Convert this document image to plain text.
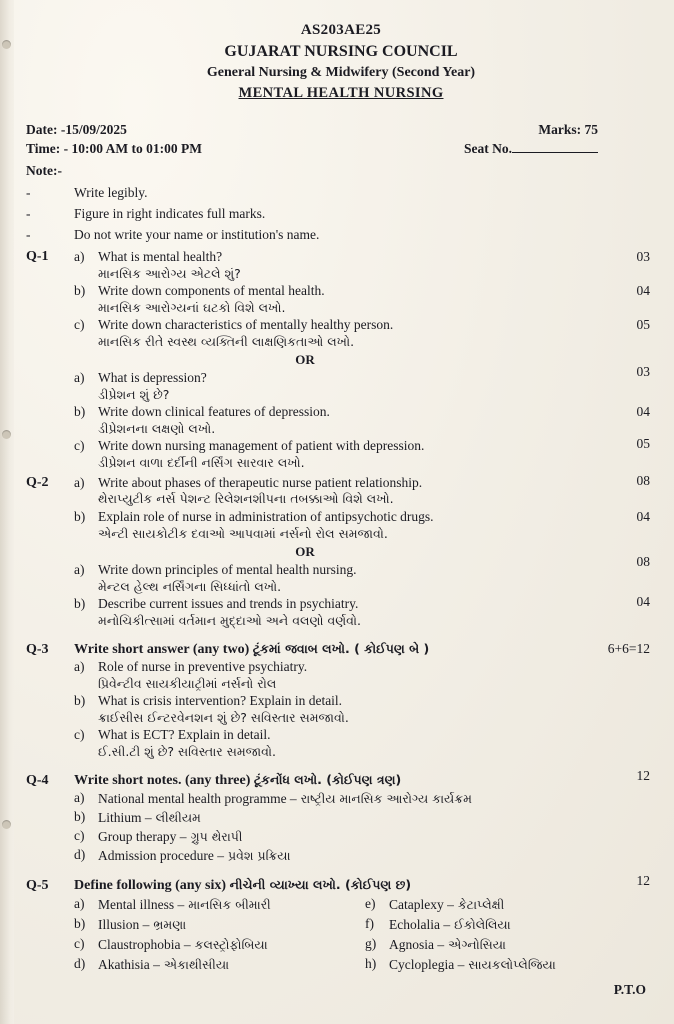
AS203AE25
GUJARAT NURSING COUNCIL
General Nursing & Midwifery (Second Year)
MENTAL HEALTH NURSING
Date: -15/09/2025	Marks: 75
Time: - 10:00 AM to 01:00 PM	Seat No.
Note:-
-	Write legibly.
-	Figure in right indicates full marks.
-	Do not write your name or institution's name.
Q-1	a)	What is mental health?
માનસિક આરોગ્ય એટલે શું?
03
b) Write down components of mental health.
માનસિક આરોગ્યનાં ઘટકો વિશે લખો.
04
c)	Write down characteristics of mentally healthy person.
માનસિક રીતે સ્વસ્થ વ્યક્તિની લાક્ષણિકતાઓ લખો.
05
OR
a)	What is depression?
ડીપ્રેશન શું છે?
03
b) Write down clinical features of depression.
ડીપ્રેશનના લક્ષણો લખો.
04
c)	Write down nursing management of patient with depression.
ડીપ્રેશન વાળા દર્દીની નર્સિંગ સારવાર લખો.
05
Q-2	a)	Write about phases of therapeutic nurse patient relationship.
થેરાપ્યુટીક નર્સ પેશન્ટ રિલેશનશીપના તબક્કાઓ વિશે લખો.
08
b) Explain role of nurse in administration of antipsychotic drugs.
એન્ટી સાયકોટીક દવાઓ આપવામાં નર્સનો રોલ સમજાવો.
04
OR
a)	Write down principles of mental health nursing.
મેન્ટલ હેલ્થ નર્સિંગના સિધ્ધાંતો લખો.
08
b) Describe current issues and trends in psychiatry.
મનોચિકીત્સામાં વર્તમાન મુદ્દાઓ અને વલણો વર્ણવો.
04
Q-3	Write short answer (any two) ટૂંકમાં જવાબ લખો. ( કોઈપણ બે )	6+6=12
a)	Role of nurse in preventive psychiatry.
પ્રિવેન્ટીવ સાયકીયાટ્રીમાં નર્સનો રોલ
b) What is crisis intervention? Explain in detail.
ક્રાઈસીસ ઈન્ટરવેનશન શું છે? સવિસ્તાર સમજાવો.
c)	What is ECT? Explain in detail.
ઈ.સી.ટી શું છે? સવિસ્તાર સમજાવો.
Q-4	Write short notes. (any three) ટૂંકનોંધ લખો. (કોઈપણ ત્રણ)	12
a)	National mental health programme – રાષ્ટ્રીય માનસિક આરોગ્ય કાર્યક્રમ
b) Lithium – લીથીયમ
c)	Group therapy – ગ્રુપ થેરાપી
d) Admission procedure – પ્રવેશ પ્રક્રિયા
Q-5	Define following (any six) નીચેની વ્યાખ્યા લખો. (કોઈપણ છ)	12
a)	Mental illness – માનસિક બીમારી
b) Illusion – ભ્રમણા
c)	Claustrophobia – કલસ્ટ્રોફોબિયા
d) Akathisia – એકાથીસીયા
e)	Cataplexy – કેટાપ્લેક્ષી
f)	Echolalia – ઈકોલેલિયા
g) Agnosia – એગ્નોસિયા
h) Cycloplegia – સાયકલોપ્લેજિયા
P.T.O
